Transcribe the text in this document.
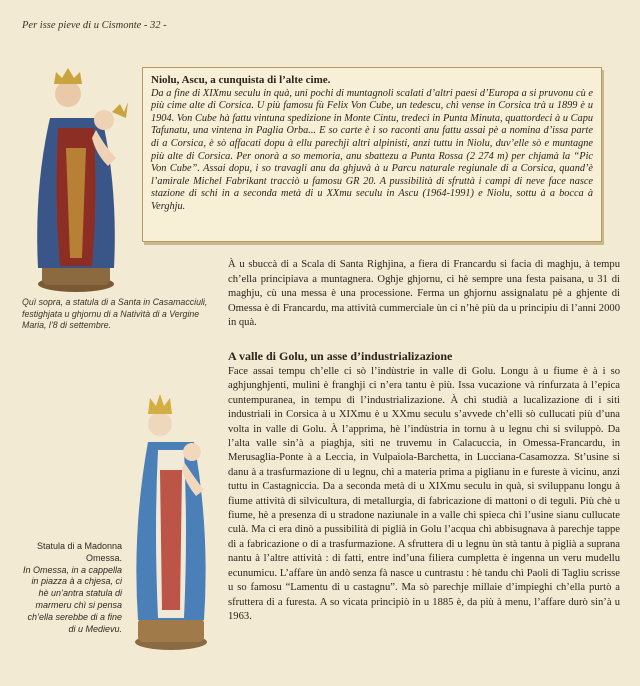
Per isse pieve di u Cismonte - 32 -
Niolu, Ascu, a cunquista di l’alte cime.
Da a fine di XIXmu seculu in quà, uni pochi di muntagnoli scalati d’altri paesi d’Europa a si pruvonu cù e più cime alte di Corsica. U più famosu fù Felix Von Cube, un tedescu, chì vense in Corsica trà u 1899 è u 1904. Von Cube hà fattu vintuna spedizione in Monte Cintu, tredeci in Punta Minuta, quattordeci à u Capu Tafunatu, una vintena in Paglia Orba... E so carte è i so raconti anu fattu assai pè a nomina d’issa parte di a Corsica, è sò affacati dopu à ellu parechji altri alpinisti, anzi tuttu in Niolu, duv’elle sò e muntagne più alte di Corsica. Per onorà a so memoria, anu sbattezu a Punta Rossa (2 274 m) per chjamà la “Pic Von Cube”. Assai dopu, i so travagli anu da ghjuvà à u Parcu naturale regiunale di a Corsica, quand’è l’amirale Michel Fabrikant tracciò u famosu GR 20. A pussibilità di sfruttà i campi di neve face nasce stazione di schi in a seconda metà di u XXmu seculu in Ascu (1964-1991) e Niolu, sottu à a bocca à Verghju.
Quì sopra, a statula di a Santa in Casamacciuli, festighjata u ghjornu di a Nativìtà di a Vergine Maria, l’8 di settembre.
À u sbuccà di a Scala di Santa Righjina, a fiera di Francardu si facia di maghju, à tempu ch’ella principiava a muntagnera. Oghje ghjornu, ci hè sempre una festa paisana, u 31 di maghju, cù una messa è una processione. Ferma un ghjornu assignalatu pè a ghjente di Omessa è di Francardu, ma attività cummerciale ùn ci n’hè più da u principiu di l’anni 2000 in quà.
A valle di Golu, un asse d’industrializazione
Face assai tempu ch’elle ci sò l’indùstrie in valle di Golu. Longu à u fiume è à i so aghjunghjenti, mulini è franghji ci n’era tantu è più. Issa vucazione và rinfurzata à l’epica cuntempuranea, in tempu di l’industrializazione. À chì studià a lucalizazione di i siti industriali in Corsica à u XIXmu è u XXmu seculu s’avvede ch’elli sò cullucati più d’una volta in valle di Golu. À l’apprima, hè l’indùstria in tornu à u legnu chì si sviluppò. Da l’alta valle sin’à a piaghja, siti ne truvemu in Calacuccia, in Omessa-Francardu, in Merusaglia-Ponte à a Leccia, in Vulpaiola-Barchetta, in Lucciana-Casamozza. St’usine si danu à a trasfurmazione di u legnu, chì a materia prima a piglianu in e fureste à vicinu, anzi tuttu in Castagniccia. Da a seconda metà di u XIXmu seculu in quà, si sviluppanu longu à fiume attività di silvicultura, di metallurgia, di fabricazione di mattoni o di teguli. Più chè u fiume, hè a presenza di u stradone naziunale in a valle chì spieca chì l’usine sianu cullucate culà. Ma ci era dinò a pussibilità di piglià in Golu l’acqua chì abbisugnava à parechje tappe di a fabricazione o di a trasfurmazione. A sfruttera di u legnu ùn stà tantu à piglià a suprana nantu à l’altre attività : di fatti, entre ind’una filiera cumpletta è ingenna un veru mudellu ecunumicu. L’affare ùn andò senza fà nasce u cuntrastu : hè tandu chì Paoli di Tagliu scrisse u so famosu “Lamentu di u castagnu”. Ma sò parechje millaie d’impieghi ch’ella purtò a sfruttera di a furesta. A so vicata principiò in u 1885 è, da più à menu, l’affare durò sin’à u 1963.
Statula di a Madonna Omessa.
In Omessa, in a cappella in piazza à a chjesa, ci hè un’antra statula di marmeru chì si pensa ch’ella serebbe di a fine di u Medievu.
